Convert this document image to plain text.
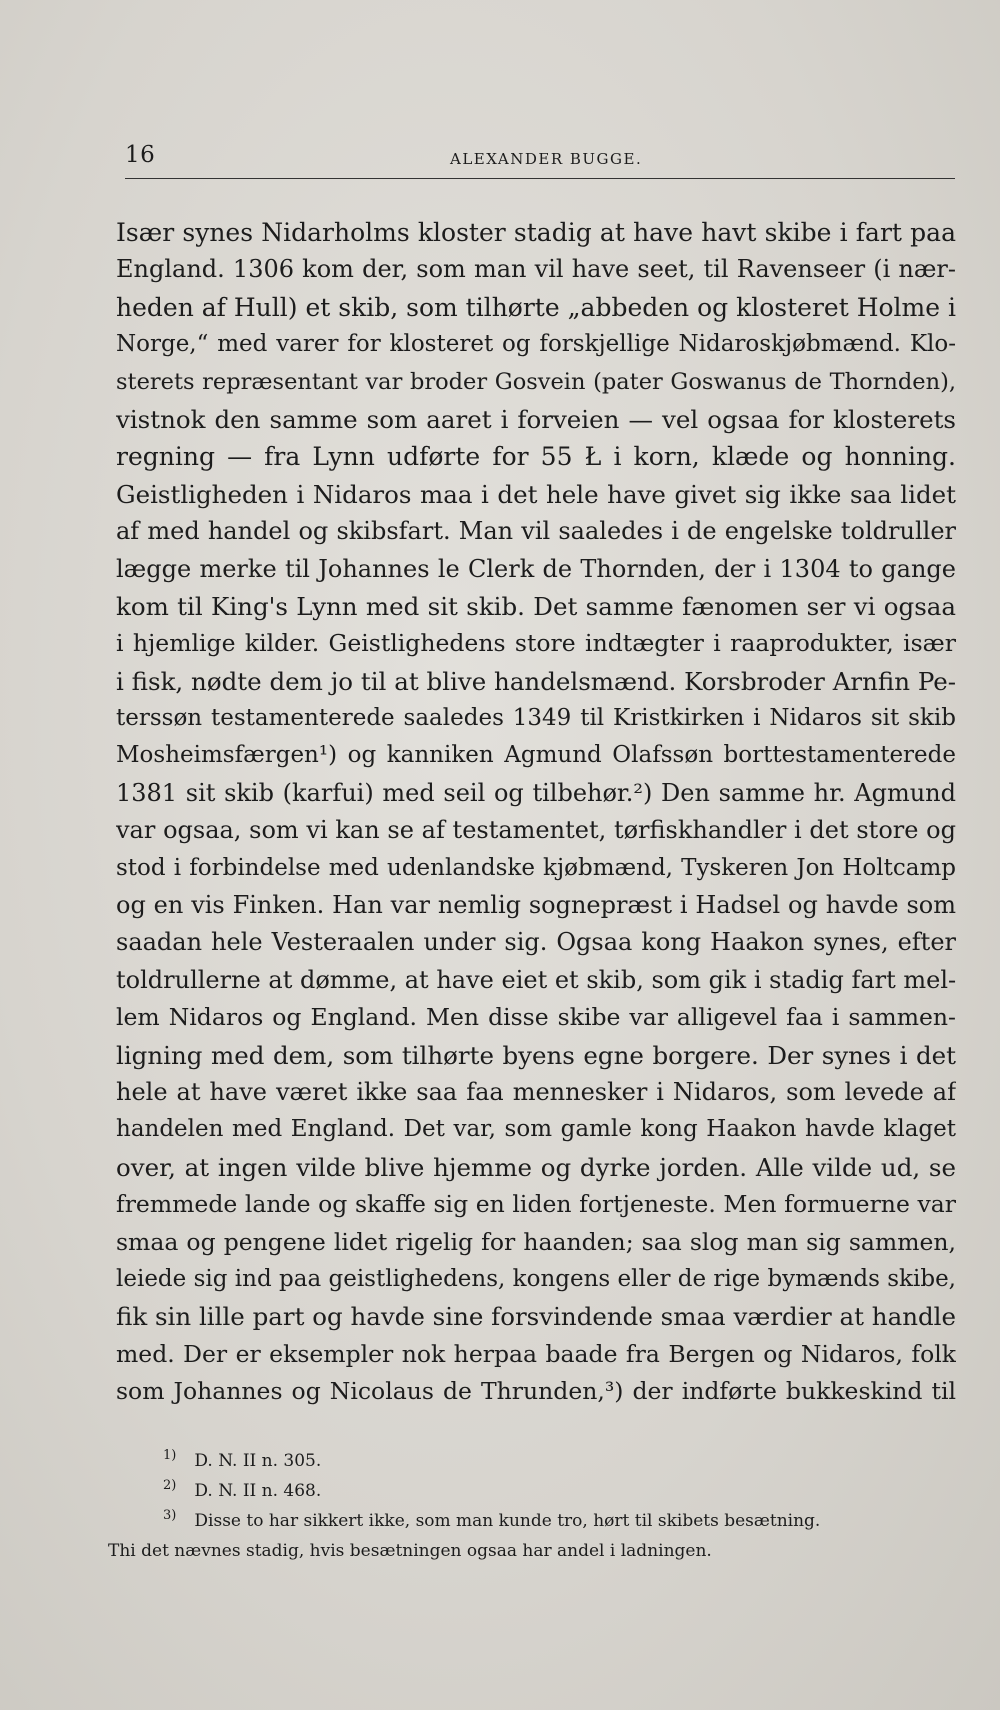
16	ALEXANDER BUGGE.
Især synes Nidarholms kloster stadig at have havt skibe i fart paa
England. 1306 kom der, som man vil have seet, til Ravenseer (i nær-
heden af Hull) et skib, som tilhørte „abbeden og klosteret Holme i
Norge,“ med varer for klosteret og forskjellige Nidaroskjøbmænd. Klo-
sterets repræsentant var broder Gosvein (pater Goswanus de Thornden),
vistnok den samme som aaret i forveien — vel ogsaa for klosterets
regning — fra Lynn udførte for 55 Ł i korn, klæde og honning.
Geistligheden i Nidaros maa i det hele have givet sig ikke saa lidet
af med handel og skibsfart. Man vil saaledes i de engelske toldruller
lægge merke til Johannes le Clerk de Thornden, der i 1304 to gange
kom til King's Lynn med sit skib. Det samme fænomen ser vi ogsaa
i hjemlige kilder. Geistlighedens store indtægter i raaprodukter, især
i fisk, nødte dem jo til at blive handelsmænd. Korsbroder Arnfin Pe-
terssøn testamenterede saaledes 1349 til Kristkirken i Nidaros sit skib
Mosheimsfærgen¹) og kanniken Agmund Olafssøn borttestamenterede
1381 sit skib (karfui) med seil og tilbehør.²) Den samme hr. Agmund
var ogsaa, som vi kan se af testamentet, tørfiskhandler i det store og
stod i forbindelse med udenlandske kjøbmænd, Tyskeren Jon Holtcamp
og en vis Finken. Han var nemlig sognepræst i Hadsel og havde som
saadan hele Vesteraalen under sig. Ogsaa kong Haakon synes, efter
toldrullerne at dømme, at have eiet et skib, som gik i stadig fart mel-
lem Nidaros og England. Men disse skibe var alligevel faa i sammen-
ligning med dem, som tilhørte byens egne borgere. Der synes i det
hele at have været ikke saa faa mennesker i Nidaros, som levede af
handelen med England. Det var, som gamle kong Haakon havde klaget
over, at ingen vilde blive hjemme og dyrke jorden. Alle vilde ud, se
fremmede lande og skaffe sig en liden fortjeneste. Men formuerne var
smaa og pengene lidet rigelig for haanden; saa slog man sig sammen,
leiede sig ind paa geistlighedens, kongens eller de rige bymænds skibe,
fik sin lille part og havde sine forsvindende smaa værdier at handle
med. Der er eksempler nok herpaa baade fra Bergen og Nidaros, folk
som Johannes og Nicolaus de Thrunden,³) der indførte bukkeskind til
1) D. N. II n. 305.
2) D. N. II n. 468.
3) Disse to har sikkert ikke, som man kunde tro, hørt til skibets besætning.
Thi det nævnes stadig, hvis besætningen ogsaa har andel i ladningen.
